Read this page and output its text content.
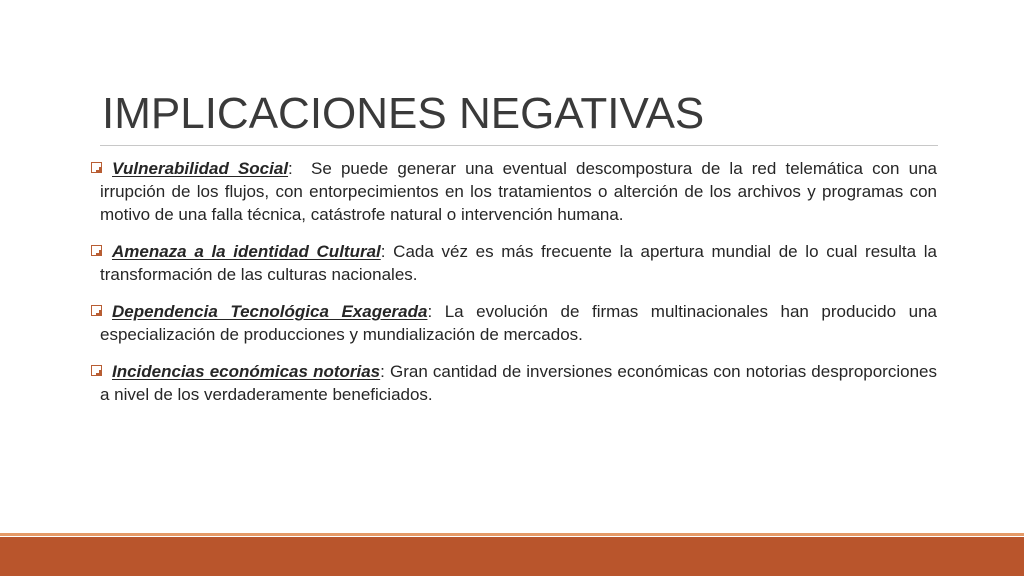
IMPLICACIONES NEGATIVAS
Vulnerabilidad Social:  Se puede generar una eventual descompostura de la red telemática con una irrupción de los flujos, con entorpecimientos en los tratamientos o alterción de los archivos y programas con motivo de una falla técnica, catástrofe natural o intervención humana.
Amenaza a la identidad Cultural: Cada véz es más frecuente la apertura mundial de lo cual resulta la transformación de las culturas nacionales.
Dependencia Tecnológica Exagerada: La evolución de firmas multinacionales han producido una especialización de producciones y mundialización de mercados.
Incidencias económicas notorias: Gran cantidad de inversiones económicas con notorias desproporciones a nivel de los verdaderamente beneficiados.
